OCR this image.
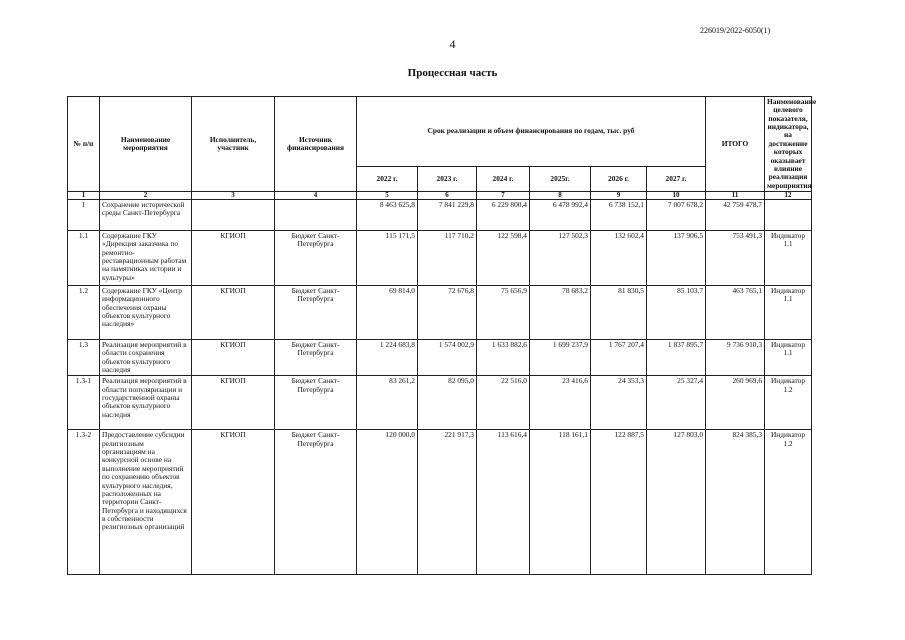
226019/2022-6050(1)
4
Процессная часть
№ п/п	Наименование мероприятия	Исполнитель, участник	Источник финансирования	Срок реализации и объем финансирования по годам, тыс. руб						ИТОГО	Наименование целевого показателя, индикатора, на достижение которых оказывает влияние реализация мероприятия
				2022 г.	2023 г.	2024 г.	2025г.	2026 г.	2027 г.		
1	2	3	4	5	6	7	8	9	10	11	12
1	Сохранение исторической среды Санкт-Петербурга			8 463 625,8	7 841 229,8	6 229 800,4	6 478 992,4	6 738 152,1	7 007 678,2	42 759 478,7	
1.1	Содержание ГКУ «Дирекция заказчика по ремонтно-реставрационным работам на памятниках истории и культуры»	КГИОП	Бюджет Санкт-Петербурга	115 171,5	117 710,2	122 598,4	127 502,3	132 602,4	137 906,5	753 491,3	Индикатор 1.1
1.2	Содержание ГКУ «Центр информационного обеспечения охраны объектов культурного наследия»	КГИОП	Бюджет Санкт-Петербурга	69 814,0	72 676,8	75 656,9	78 683,2	81 830,5	85 103,7	463 765,1	Индикатор 1.1
1.3	Реализация мероприятий в области сохранения объектов культурного наследия	КГИОП	Бюджет Санкт-Петербурга	1 224 683,8	1 574 002,9	1 633 882,6	1 699 237,9	1 767 207,4	1 837 895,7	9 736 910,3	Индикатор 1.1
1.3-1	Реализация мероприятий в области популяризации и государственной охраны объектов культурного наследия	КГИОП	Бюджет Санкт-Петербурга	83 261,2	82 095,0	22 516,0	23 416,6	24 353,3	25 327,4	260 969,6	Индикатор 1.2
1.3-2	Предоставление субсидии религиозным организациям на конкурсной основе на выполнение мероприятий по сохранению объектов культурного наследия, расположенных на территории Санкт-Петербурга и находящихся в собственности религиозных организаций	КГИОП	Бюджет Санкт-Петербурга	120 000,0	221 917,3	113 616,4	118 161,1	122 887,5	127 803,0	824 385,3	Индикатор 1.2
